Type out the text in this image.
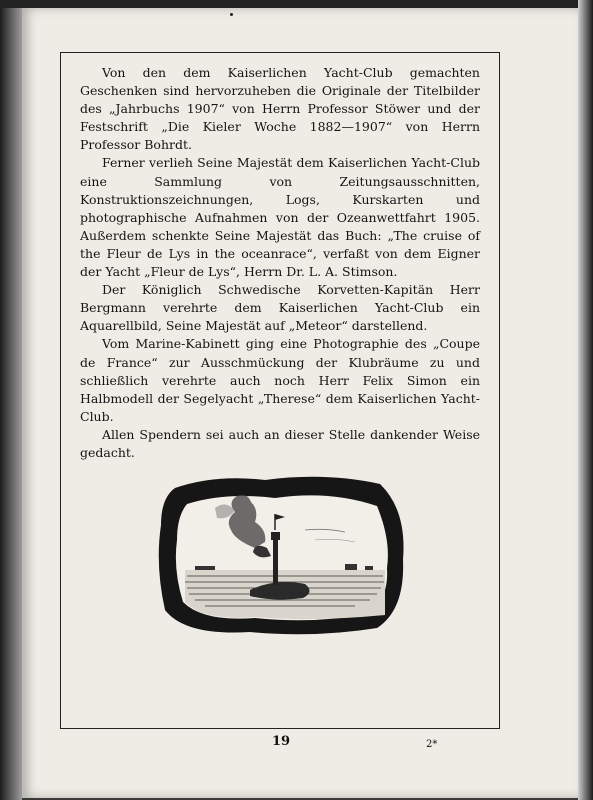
Von den dem Kaiserlichen Yacht-Club gemachten Geschenken sind hervorzuheben die Originale der Titelbilder des „Jahrbuchs 1907“ von Herrn Professor Stöwer und der Festschrift „Die Kieler Woche 1882—1907“ von Herrn Professor Bohrdt.

Ferner verlieh Seine Majestät dem Kaiserlichen Yacht-Club eine Sammlung von Zeitungsausschnitten, Konstruktionszeichnungen, Logs, Kurskarten und photographische Aufnahmen von der Ozeanwettfahrt 1905. Außerdem schenkte Seine Majestät das Buch: „The cruise of the Fleur de Lys in the oceanrace“, verfaßt von dem Eigner der Yacht „Fleur de Lys“, Herrn Dr. L. A. Stimson.

Der Königlich Schwedische Korvetten-Kapitän Herr Bergmann verehrte dem Kaiserlichen Yacht-Club ein Aquarellbild, Seine Majestät auf „Meteor“ darstellend.

Vom Marine-Kabinett ging eine Photographie des „Coupe de France“ zur Ausschmückung der Klubräume zu und schließlich verehrte auch noch Herr Felix Simon ein Halbmodell der Segelyacht „Therese“ dem Kaiserlichen Yacht-Club.

Allen Spendern sei auch an dieser Stelle dankender Weise gedacht.

19	2*
